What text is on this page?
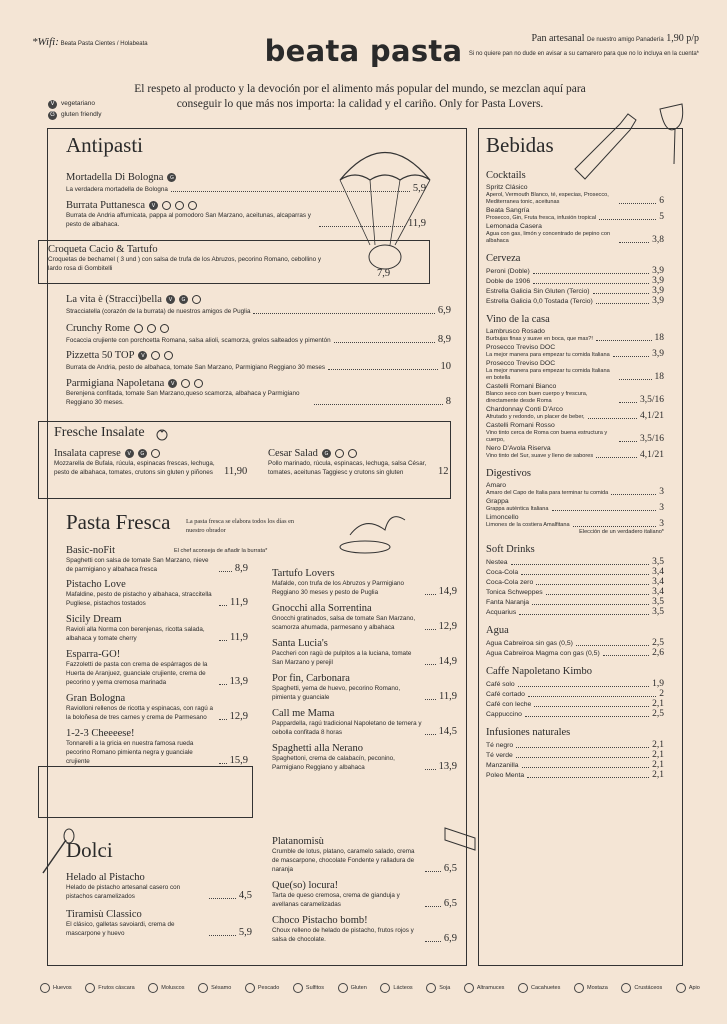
*Wifi: Beata Pasta Cientes / Holabeata	beata pasta	Pan artesanal De nuestro amigo Panadería 1,90 p/p
Si no quiere pan no dude en avisar a su camarero para que no lo incluya en la cuenta*
El respeto al producto y la devoción por el alimento más popular del mundo, se mezclan aquí para conseguir lo que más nos importa: la calidad y el cariño. Only for Pasta Lovers.
V vegetariano
G gluten friendly
Antipasti
Mortadella Di Bologna	G
La verdadera mortadella de Bologna	5,9
Burrata Puttanesca	V
Burrata de Andria affumicata, pappa al pomodoro San Marzano, aceitunas, alcaparras y pesto de albahaca.	11,9
Croqueta Cacio & Tartufo
Croquetas de bechamel ( 3 und ) con salsa de trufa de los Abruzos, pecorino Romano, cebollino y lardo rosa di Gombitelli	7,9
La vita è (Stracci)bella	V	G
Stracciatella (corazón de la burrata) de nuestros amigos de Puglia	6,9
Crunchy Rome
Focaccia crujiente con porchcetta Romana, salsa alioli, scamorza, grelos salteados y pimentón	8,9
Pizzetta 50 TOP	V
Burrata de Andria, pesto de albahaca, tomate San Marzano, Parmigiano Reggiano 30 meses	10
Parmigiana Napoletana	V
Berenjena confitada, tomate San Marzano,queso scamorza, albahaca y Parmigiano Reggiano 30 meses.	8
Fresche Insalate
Insalata caprese	V	G
Mozzarella de Bufala, rúcula, espinacas frescas, lechuga, pesto de albahaca, tomates, crutons sin gluten y piñones	11,90
Cesar Salad	G
Pollo marinado, rúcula, espinacas, lechuga, salsa César, tomates, aceitunas Taggiesc y crutons sin gluten	12
Pasta Fresca La pasta fresca se elabora todos los días en nuestro obrador
Basic-noFit
Spaghetti con salsa de tomate San Marzano, nieve de parmigiano y albahaca fresca	8,9
Pistacho Love
Mafaldine, pesto de pistacho y albahaca, straccitella Pugliese, pistachos tostados	11,9
Sicily Dream
Ravioli alla Norma con berenjenas, ricotta salada, albahaca y tomate cherry	11,9
Esparra-GO!
Fazzoletti de pasta con crema de espárragos de la Huerta de Aranjuez, guanciale crujiente, crema de pecorino y yema cremosa marinada	13,9
Gran Bologna
Raviolloni rellenos de ricotta y espinacas, con ragú a la boloñesa de tres carnes y crema de Parmesano	12,9
1-2-3 Cheeeese!
Tonnarelli a la gricia en nuestra famosa rueda pecorino Romano pimienta negra y guanciale crujiente	15,9
El chef aconseja de añadir la burrata*
Tartufo Lovers
Mafalde, con trufa de los Abruzos y Parmigiano Reggiano 30 meses y pesto de Puglia	14,9
Gnocchi alla Sorrentina
Gnocchi gratinados, salsa de tomate San Marzano, scamorza ahumada, parmesano y albahaca	12,9
Santa Lucia's
Paccheri con ragù de pulpitos a la luciana, tomate San Marzano y perejil	14,9
Por fin, Carbonara
Spaghetti, yema de huevo, pecorino Romano, pimienta y guanciale	11,9
Call me Mama
Pappardella, ragú tradicional Napoletano de ternera y cebolla confitada 8 horas	14,5
Spaghetti alla Nerano
Spaghettoni, crema de calabacín, peconino, Parmigiano Reggiano y albahaca	13,9
Dolci
Helado al Pistacho
Helado de pistacho artesanal casero con pistachos caramelizados	4,5
Tiramisù Classico
El clásico, galletas savoiardi, crema de mascarpone y huevo	5,9
Platanomisù
Crumble de lotus, platano, caramelo salado, crema de mascarpone, chocolate Fondente y ralladura de naranja	6,5
Que(so) locura!
Tarta de queso cremosa, crema de gianduja y avellanas caramelizadas	6,5
Choco Pistacho bomb!
Choux relleno de helado de pistacho, frutos rojos y salsa de chocolate.	6,9
Bebidas
Cocktails
Spritz Clásico
Aperol, Vermouth Blanco, té, especias, Prosecco, Mediterranea tonic, aceitunas	6
Beata Sangría
Prosecco, Gin, Fruta fresca, infusión tropical	5
Lemonada Casera
Agua con gas, limón y concentrado de pepino con albahaca	3,8
Cerveza
Peroni (Doble)	3,9
Doble de 1906	3,9
Estrella Galicia Sin Gluten (Tercio)	3,9
Estrella Galicia 0,0 Tostada (Tercio)	3,9
Vino de la casa
Lambrusco Rosado
Burbujas finas y suave en boca, que mas?!	18
Prosecco Treviso DOC
La mejor manera para empezar tu comida Italiana	3,9
Prosecco Treviso DOC
La mejor manera para empezar tu comida Italiana en botella	18
Castelli Romani Bianco
Blanco seco con buen cuerpo y frescura, directamente desde Roma	3,5/16
Chardonnay Conti D'Arco
Afrutado y redondo, un placer de beber,	4,1/21
Castelli Romani Rosso
Vino tinto cerca de Roma con buena estructura y cuerpo,	3,5/16
Nero D'Avola Riserva
Vino tinto del Sur, suave y lleno de sabores	4,1/21
Digestivos
Amaro
Amaro del Capo de Italia para terminar tu comida	3
Grappa
Grappa auténtica Italiana	3
Limoncello
Limones de la costiera Amalfitana	3
Elección de un verdadero italiano*
Soft Drinks
Nestea	3,5
Coca-Cola	3,4
Coca-Cola zero	3,4
Tonica Schweppes	3,4
Fanta Naranja	3,5
Acquarius	3,5
Agua
Agua Cabreiroa sin gas (0,5)	2,5
Agua Cabreiroa Magma con gas (0,5)	2,6
Caffe Napoletano Kimbo
Café solo	1,9
Café cortado	2
Café con leche	2,1
Cappuccino	2,5
Infusiones naturales
Té negro	2,1
Té verde	2,1
Manzanilla	2,1
Poleo Menta	2,1
Huevos	Frutos cáscara	Moluscos	Sésamo	Pescado	Sulfitos	Gluten	Lácteos	Soja	Altramuces	Cacahuetes	Mostaza	Crustáceos	Apio
